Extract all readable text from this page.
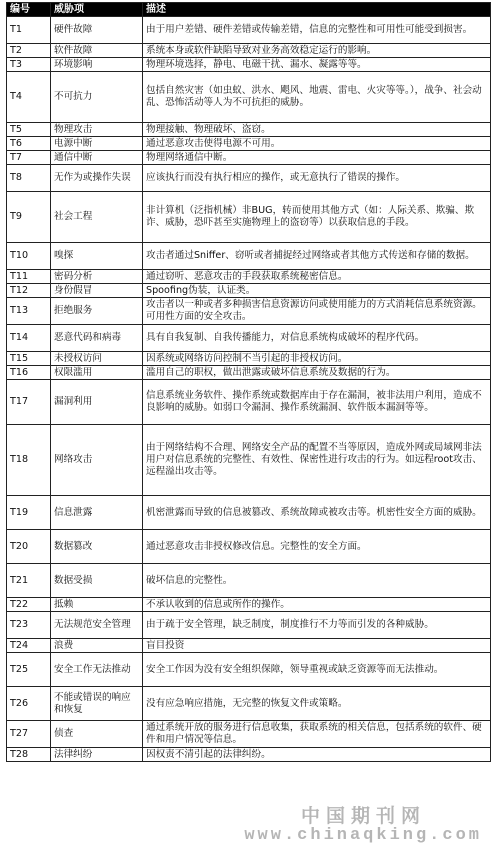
编号	威胁项	描述
T1	硬件故障	由于用户差错、硬件差错或传输差错，信息的完整性和可用性可能受到损害。
T2	软件故障	系统本身或软件缺陷导致对业务高效稳定运行的影响。
T3	环境影响	物理环境选择，静电、电磁干扰、漏水、凝露等等。
T4	不可抗力	包括自然灾害（如虫蚁、洪水、飓风、地震、雷电、火灾等等。），战争、社会动乱、恐怖活动等人为不可抗拒的威胁。
T5	物理攻击	物理接触、物理破坏、盗窃。
T6	电源中断	通过恶意攻击使得电源不可用。
T7	通信中断	物理网络通信中断。
T8	无作为或操作失误	应该执行而没有执行相应的操作，或无意执行了错误的操作。
T9	社会工程	非计算机（泛指机械）非BUG，转而使用其他方式（如：人际关系、欺骗、欺诈、威胁，恐吓甚至实施物理上的盗窃等）以获取信息的手段。
T10	嗅探	攻击者通过Sniffer、窃听或者捕捉经过网络或者其他方式传送和存储的数据。
T11	密码分析	通过窃听、恶意攻击的手段获取系统秘密信息。
T12	身份假冒	Spoofing伪装，认证类。
T13	拒绝服务	攻击者以一种或者多种损害信息资源访问或使用能力的方式消耗信息系统资源。可用性方面的安全攻击。
T14	恶意代码和病毒	具有自我复制、自我传播能力，对信息系统构成破坏的程序代码。
T15	未授权访问	因系统或网络访问控制不当引起的非授权访问。
T16	权限滥用	滥用自己的职权，做出泄露或破坏信息系统及数据的行为。
T17	漏洞利用	信息系统业务软件、操作系统或数据库由于存在漏洞，被非法用户利用，造成不良影响的威胁。如弱口令漏洞、操作系统漏洞、软件版本漏洞等等。
T18	网络攻击	由于网络结构不合理、网络安全产品的配置不当等原因，造成外网或局域网非法用户对信息系统的完整性、有效性、保密性进行攻击的行为。如远程root攻击、远程溢出攻击等。
T19	信息泄露	机密泄露而导致的信息被篡改、系统故障或被攻击等。机密性安全方面的威胁。
T20	数据篡改	通过恶意攻击非授权修改信息。完整性的安全方面。
T21	数据受损	破坏信息的完整性。
T22	抵赖	不承认收到的信息或所作的操作。
T23	无法规范安全管理	由于疏于安全管理，缺乏制度，制度推行不力等而引发的各种威胁。
T24	浪费	盲目投资
T25	安全工作无法推动	安全工作因为没有安全组织保障，领导重视或缺乏资源等而无法推动。
T26	不能或错误的响应和恢复	没有应急响应措施，无完整的恢复文件或策略。
T27	侦查	通过系统开放的服务进行信息收集，获取系统的相关信息，包括系统的软件、硬件和用户情况等信息。
T28	法律纠纷	因权责不清引起的法律纠纷。
中国期刊网
www.chinaqking.com
